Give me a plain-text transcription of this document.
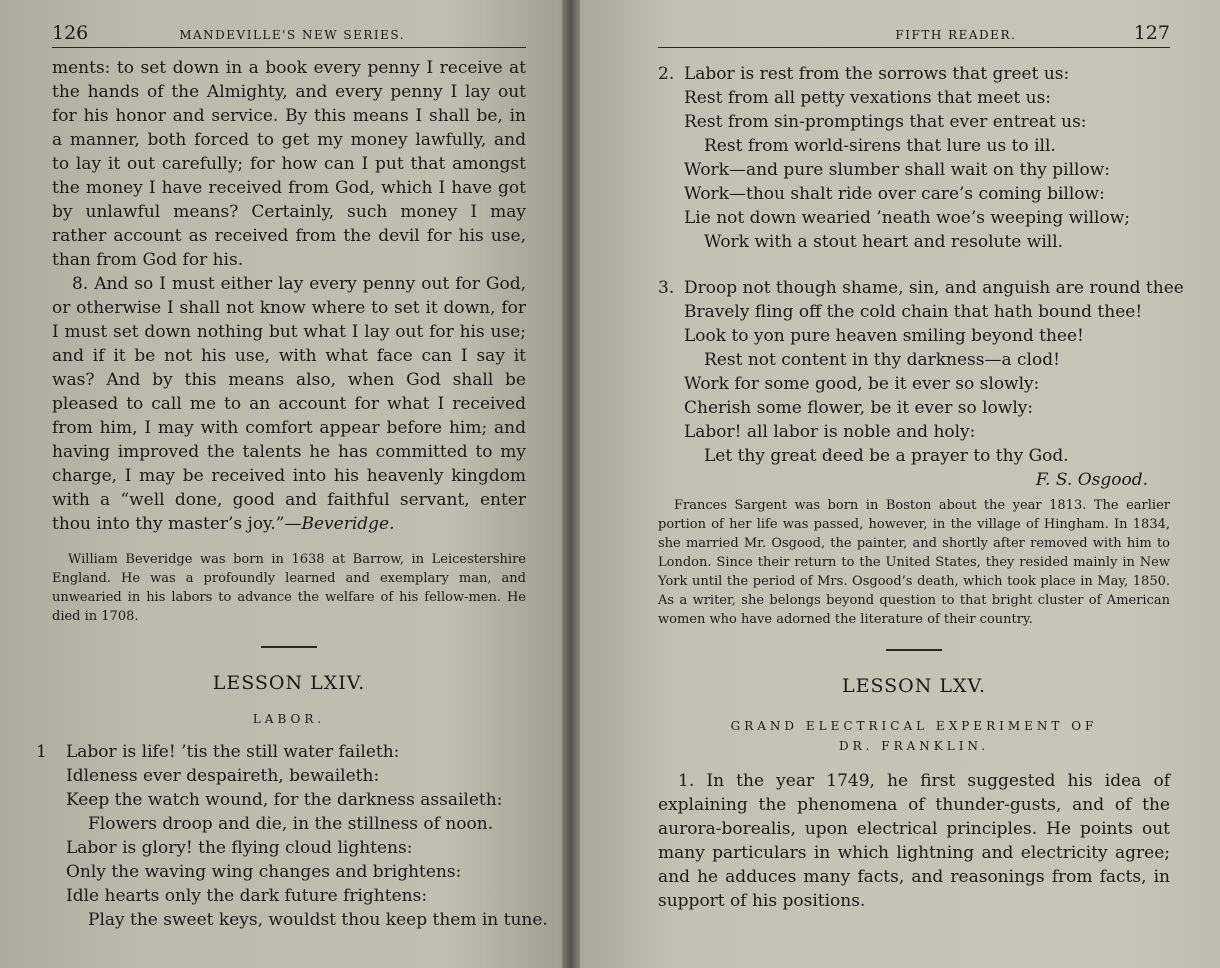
126	MANDEVILLE'S NEW SERIES.

ments: to set down in a book every penny I receive at the hands of the Almighty, and every penny I lay out for his honor and service. By this means I shall be, in a manner, both forced to get my money lawfully, and to lay it out carefully; for how can I put that amongst the money I have received from God, which I have got by unlawful means? Certainly, such money I may rather account as received from the devil for his use, than from God for his.

8. And so I must either lay every penny out for God, or otherwise I shall not know where to set it down, for I must set down nothing but what I lay out for his use; and if it be not his use, with what face can I say it was? And by this means also, when God shall be pleased to call me to an account for what I received from him, I may with comfort appear before him; and having improved the talents he has committed to my charge, I may be received into his heavenly kingdom with a “well done, good and faithful servant, enter thou into thy master’s joy.”—Beveridge.

William Beveridge was born in 1638 at Barrow, in Leicestershire England. He was a profoundly learned and exemplary man, and unwearied in his labors to advance the welfare of his fellow-men. He died in 1708.

LESSON LXIV.
LABOR.
1 Labor is life! ’tis the still water faileth:
Idleness ever despaireth, bewaileth:
Keep the watch wound, for the darkness assaileth:
Flowers droop and die, in the stillness of noon.
Labor is glory! the flying cloud lightens:
Only the waving wing changes and brightens:
Idle hearts only the dark future frightens:
Play the sweet keys, wouldst thou keep them in tune.
FIFTH READER.	127
2. Labor is rest from the sorrows that greet us:
Rest from all petty vexations that meet us:
Rest from sin-promptings that ever entreat us:
Rest from world-sirens that lure us to ill.
Work—and pure slumber shall wait on thy pillow:
Work—thou shalt ride over care’s coming billow:
Lie not down wearied ’neath woe’s weeping willow;
Work with a stout heart and resolute will.
3. Droop not though shame, sin, and anguish are round thee
Bravely fling off the cold chain that hath bound thee!
Look to yon pure heaven smiling beyond thee!
Rest not content in thy darkness—a clod!
Work for some good, be it ever so slowly:
Cherish some flower, be it ever so lowly:
Labor! all labor is noble and holy:
Let thy great deed be a prayer to thy God.
F. S. Osgood.

Frances Sargent was born in Boston about the year 1813. The earlier portion of her life was passed, however, in the village of Hingham. In 1834, she married Mr. Osgood, the painter, and shortly after removed with him to London. Since their return to the United States, they resided mainly in New York until the period of Mrs. Osgood’s death, which took place in May, 1850. As a writer, she belongs beyond question to that bright cluster of American women who have adorned the literature of their country.

LESSON LXV.
GRAND ELECTRICAL EXPERIMENT OF
DR. FRANKLIN.

1. In the year 1749, he first suggested his idea of explaining the phenomena of thunder-gusts, and of the aurora-borealis, upon electrical principles. He points out many particulars in which lightning and electricity agree; and he adduces many facts, and reasonings from facts, in support of his positions.
